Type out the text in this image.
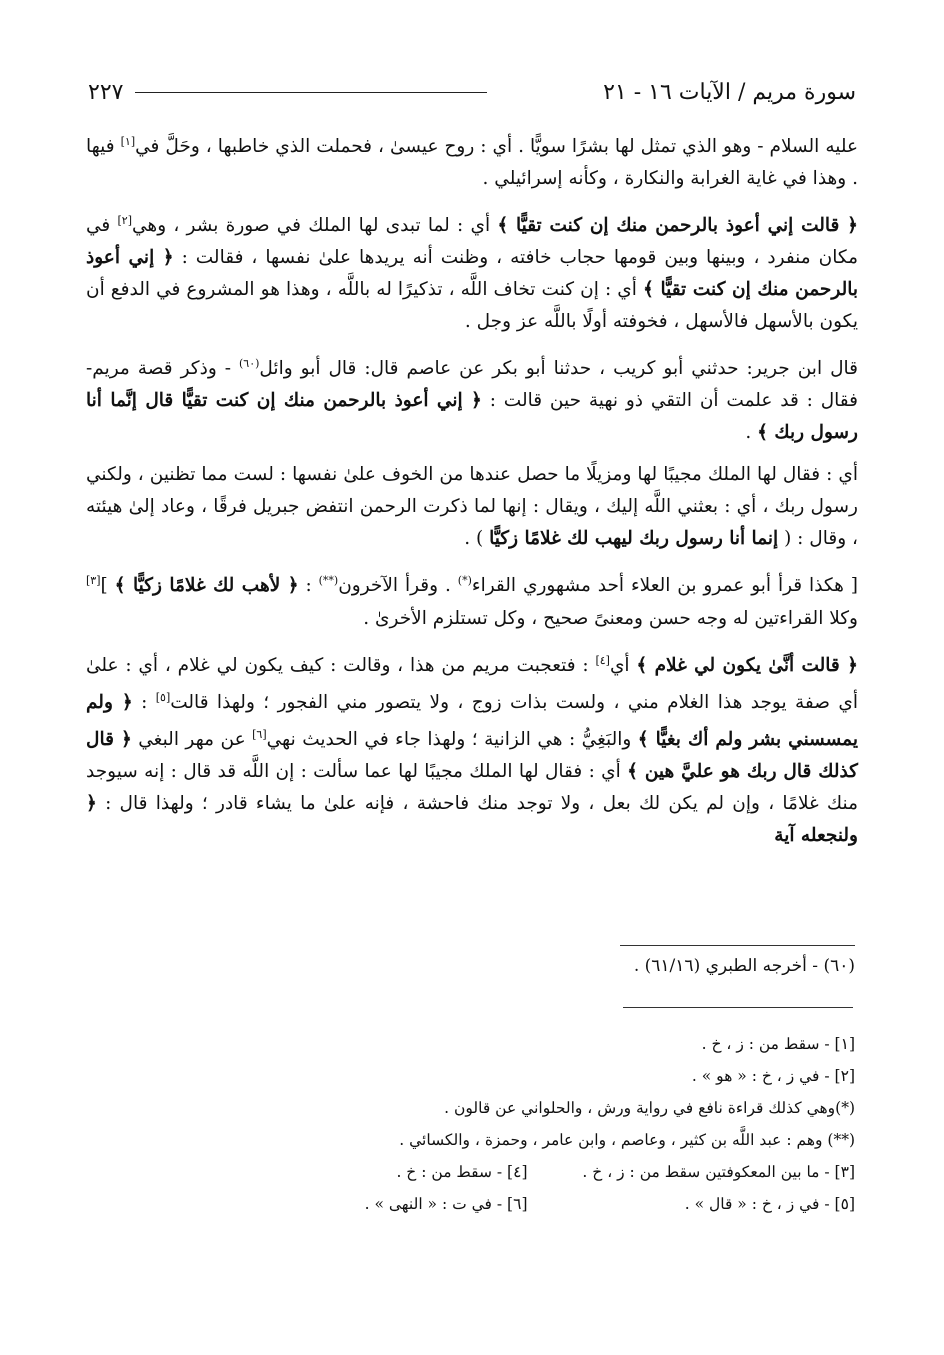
٢٢٧	سورة مريم / الآيات ١٦ - ٢١

عليه السلام - وهو الذي تمثل لها بشرًا سويًّا . أي : روح عيسىٰ ، فحملت الذي خاطبها ، وحَلَّ في[١] فيها . وهذا في غاية الغرابة والنكارة ، وكأنه إسرائيلي .

﴿ قالت إني أعوذ بالرحمن منك إن كنت تقيًّا ﴾ أي : لما تبدى لها الملك في صورة بشر ، وهي[٢] في مكان منفرد ، وبينها وبين قومها حجاب خافته ، وظنت أنه يريدها علىٰ نفسها ، فقالت : ﴿ إني أعوذ بالرحمن منك إن كنت تقيًّا ﴾ أي : إن كنت تخاف اللَّه ، تذكيرًا له باللَّه ، وهذا هو المشروع في الدفع أن يكون بالأسهل فالأسهل ، فخوفته أولًا باللَّه عز وجل .

قال ابن جرير: حدثني أبو كريب ، حدثنا أبو بكر عن عاصم قال: قال أبو وائل$^{(٦٠)}$ - وذكر قصة مريم- فقال : قد علمت أن التقي ذو نهية حين قالت : ﴿ إني أعوذ بالرحمن منك إن كنت تقيًّا قال إنَّما أنا رسول ربك ﴾ .

أي : فقال لها الملك مجيبًا لها ومزيلًا ما حصل عندها من الخوف علىٰ نفسها : لست مما تظنين ، ولكني رسول ربك ، أي : بعثني اللَّه إليك ، ويقال : إنها لما ذكرت الرحمن انتفض جبريل فرقًا ، وعاد إلىٰ هيئته ، وقال : ( إنما أنا رسول ربك ليهب لك غلامًا زكيًّا ) .

[ هكذا قرأ أبو عمرو بن العلاء أحد مشهوري القراء(*) . وقرأ الآخرون(**) : ﴿ لأهب لك غلامًا زكيًّا ﴾ ][٣] وكلا القراءتين له وجه حسن ومعنىً صحيح ، وكل تستلزم الأخرىٰ .

﴿ قالت أنَّىٰ يكون لي غلام ﴾ أي[٤] : فتعجبت مريم من هذا ، وقالت : كيف يكون لي غلام ، أي : علىٰ أي صفة يوجد هذا الغلام مني ، ولست بذات زوج ، ولا يتصور مني الفجور ؛ ولهذا قالت[٥] : ﴿ ولم يمسسني بشر ولم أك بغيًّا ﴾ والبَغِيُّ : هي الزانية ؛ ولهذا جاء في الحديث نهي[٦] عن مهر البغي ﴿ قال كذلك قال ربك هو عليَّ هين ﴾ أي : فقال لها الملك مجيبًا لها عما سألت : إن اللَّه قد قال : إنه سيوجد منك غلامًا ، وإن لم يكن لك بعل ، ولا توجد منك فاحشة ، فإنه علىٰ ما يشاء قادر ؛ ولهذا قال : ﴿ ولنجعله آية

(٦٠) - أخرجه الطبري (٦١/١٦) .
[١] - سقط من : ز ، خ .
[٢] - في ز ، خ : « هو » .
(*)وهي كذلك قراءة نافع في رواية ورش ، والحلواني عن قالون .
(**) وهم : عبد اللَّه بن كثير ، وعاصم ، وابن عامر ، وحمزة ، والكسائي .
[٣] - ما بين المعكوفتين سقط من : ز ، خ .
[٤] - سقط من : خ .
[٥] - في ز ، خ : « قال » .
[٦] - في ت : « النهى » .
